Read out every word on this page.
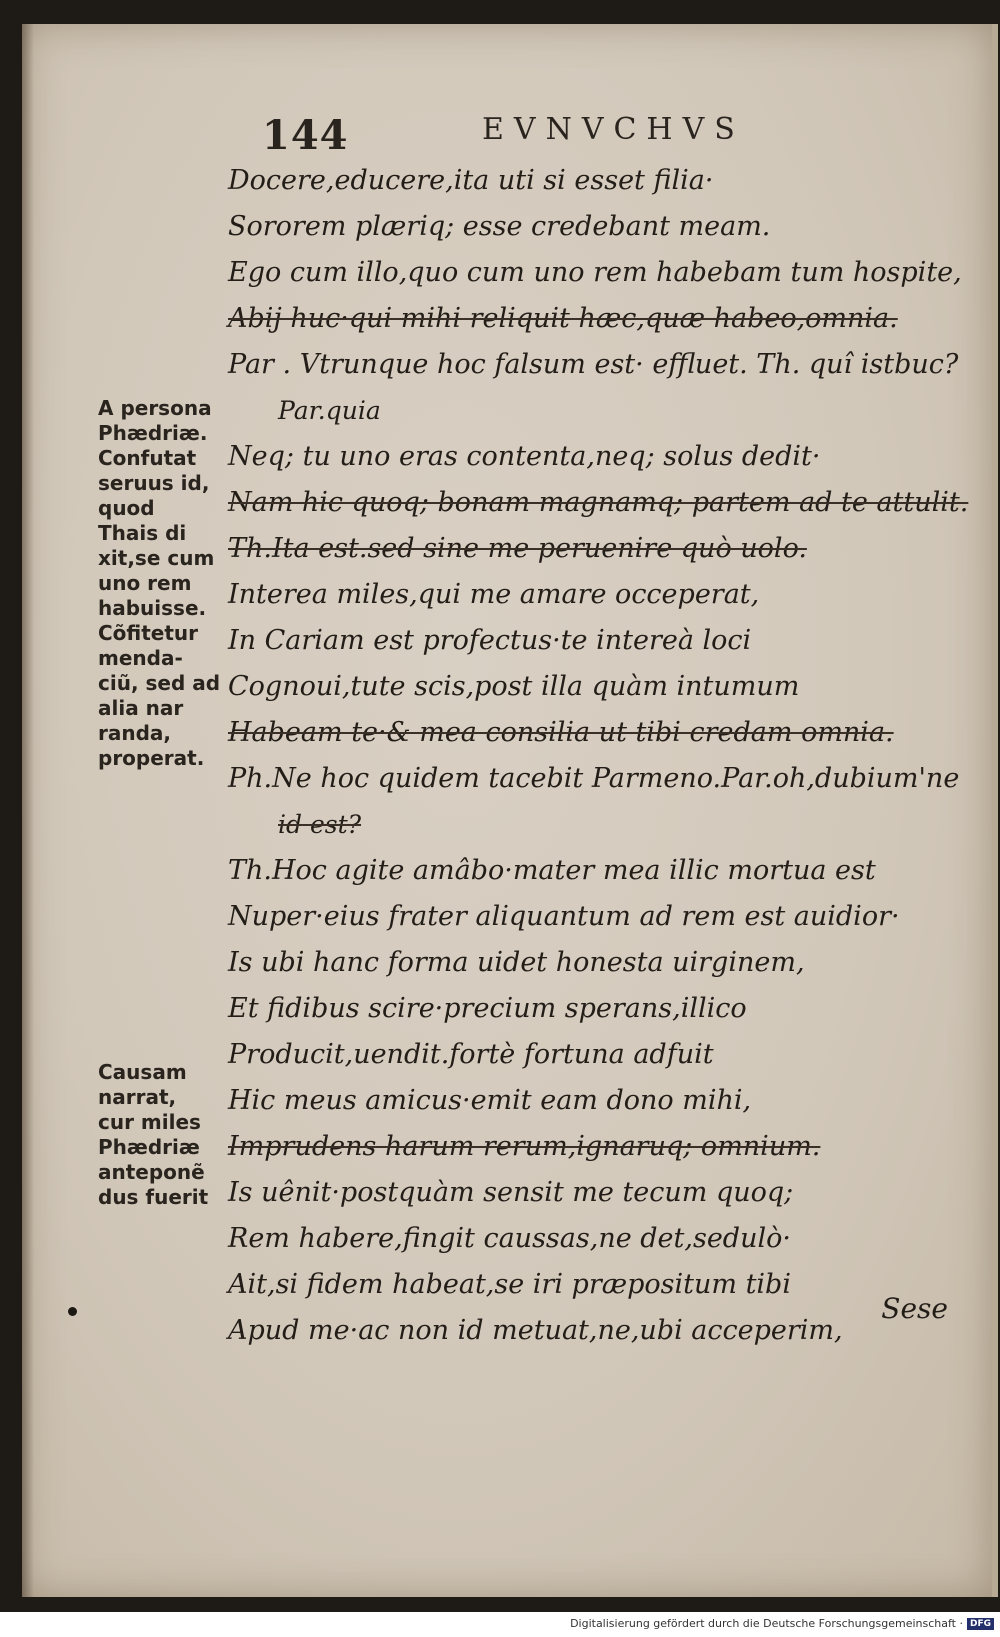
144	EVNVCHVS
A persona
Phædriæ.
Confutat
seruus id,
quod
Thais di
xit,se cum
uno rem
habuisse.
Cõfitetur
menda-
ciũ, sed ad
alia nar
randa,
properat.
Causam
narrat,
cur miles
Phædriæ
anteponẽ
dus fuerit
Docere,educere,ita uti si esset filia·
Sororem plæriq; esse credebant meam.
Ego cum illo,quo cum uno rem habebam tum hospite,
Abij huc·qui mihi reliquit hæc,quæ habeo,omnia.
Par . Vtrunque hoc falsum est· effluet. Th. quî istbuc?
Par.quia
Neq; tu uno eras contenta,neq; solus dedit·
Nam hic quoq; bonam magnamq; partem ad te attulit.
Th.Ita est.sed sine me peruenire quò uolo.
Interea miles,qui me amare occeperat,
In Cariam est profectus·te intereà loci
Cognoui,tute scis,post illa quàm intumum
Habeam te·& mea consilia ut tibi credam omnia.
Ph.Ne hoc quidem tacebit Parmeno.Par.oh,dubium'ne
id est?
Th.Hoc agite amâbo·mater mea illic mortua est
Nuper·eius frater aliquantum ad rem est auidior·
Is ubi hanc forma uidet honesta uirginem,
Et fidibus scire·precium sperans,illico
Producit,uendit.fortè fortuna adfuit
Hic meus amicus·emit eam dono mihi,
Imprudens harum rerum,ignaruq; omnium.
Is uênit·postquàm sensit me tecum quoq;
Rem habere,fingit caussas,ne det,sedulò·
Ait,si fidem habeat,se iri præpositum tibi
Apud me·ac non id metuat,ne,ubi acceperim,
Sese
Digitalisierung gefördert durch die Deutsche Forschungsgemeinschaft · DFG
